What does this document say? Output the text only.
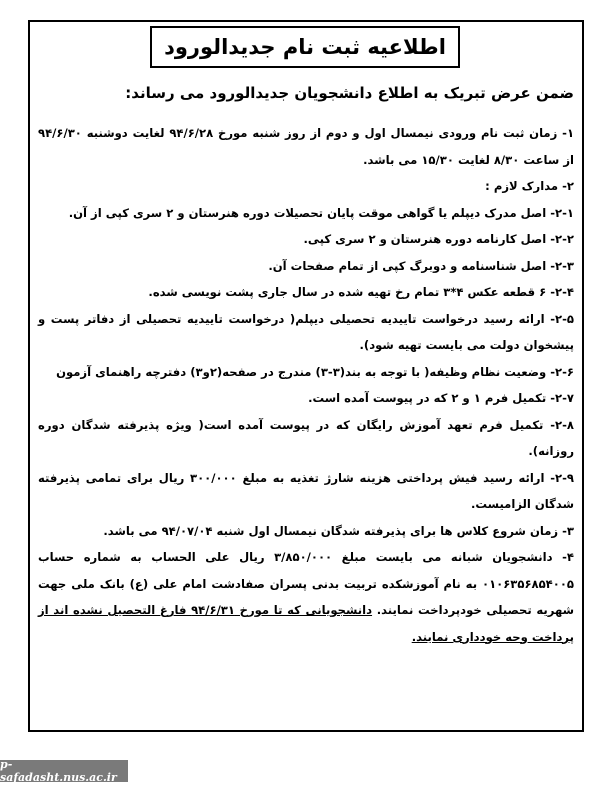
اطلاعیه ثبت نام جدیدالورود

ضمن عرض تبریک به اطلاع دانشجویان جدیدالورود می رساند:

۱- زمان ثبت نام ورودی نیمسال اول و دوم از روز شنبه مورخ ۹۴/۶/۲۸ لغایت دوشنبه ۹۴/۶/۳۰ از ساعت ۸/۳۰ لغایت ۱۵/۳۰ می باشد.

۲- مدارک لازم :

۲-۱- اصل مدرک دیپلم یا گواهی موقت پایان تحصیلات دوره هنرستان و ۲ سری کپی از آن.

۲-۲- اصل کارنامه دوره هنرستان و ۲ سری کپی.

۲-۳- اصل شناسنامه و دوبرگ کپی از تمام صفحات آن.

۲-۴- ۶ قطعه عکس ۴*۳ تمام رخ تهیه شده در سال جاری پشت نویسی شده.

۲-۵- ارائه رسید درخواست تاییدیه تحصیلی دیپلم( درخواست تاییدیه تحصیلی از دفاتر پست و پیشخوان دولت می بایست تهیه شود).

۲-۶- وضعیت نظام وظیفه( با توجه به بند(۳-۳) مندرج در صفحه(۲و۳) دفترچه راهنمای آزمون

۲-۷- تکمیل فرم ۱ و ۲ که در پیوست آمده است.

۲-۸- تکمیل فرم تعهد آموزش رایگان که در پیوست آمده است( ویژه پذیرفته شدگان دوره روزانه).

۲-۹- ارائه رسید فیش پرداختی هزینه شارژ تغذیه به مبلغ ۳۰۰/۰۰۰ ریال برای تمامی پذیرفته شدگان الزامیست.

۳- زمان شروع کلاس ها برای پذیرفته شدگان نیمسال اول شنبه ۹۴/۰۷/۰۴ می باشد.

۴- دانشجویان شبانه می بایست مبلغ ۳/۸۵۰/۰۰۰ ریال علی الحساب به شماره حساب ۰۱۰۶۳۵۶۸۵۴۰۰۵ به نام آموزشکده تربیت بدنی پسران صفادشت امام علی (ع) بانک ملی جهت شهریه تحصیلی خودپرداخت نمایند. دانشجویانی که تا مورخ ۹۴/۶/۳۱ فارغ التحصیل نشده اند از پرداخت وجه خودداری نمایند.

p-safadasht.nus.ac.ir
